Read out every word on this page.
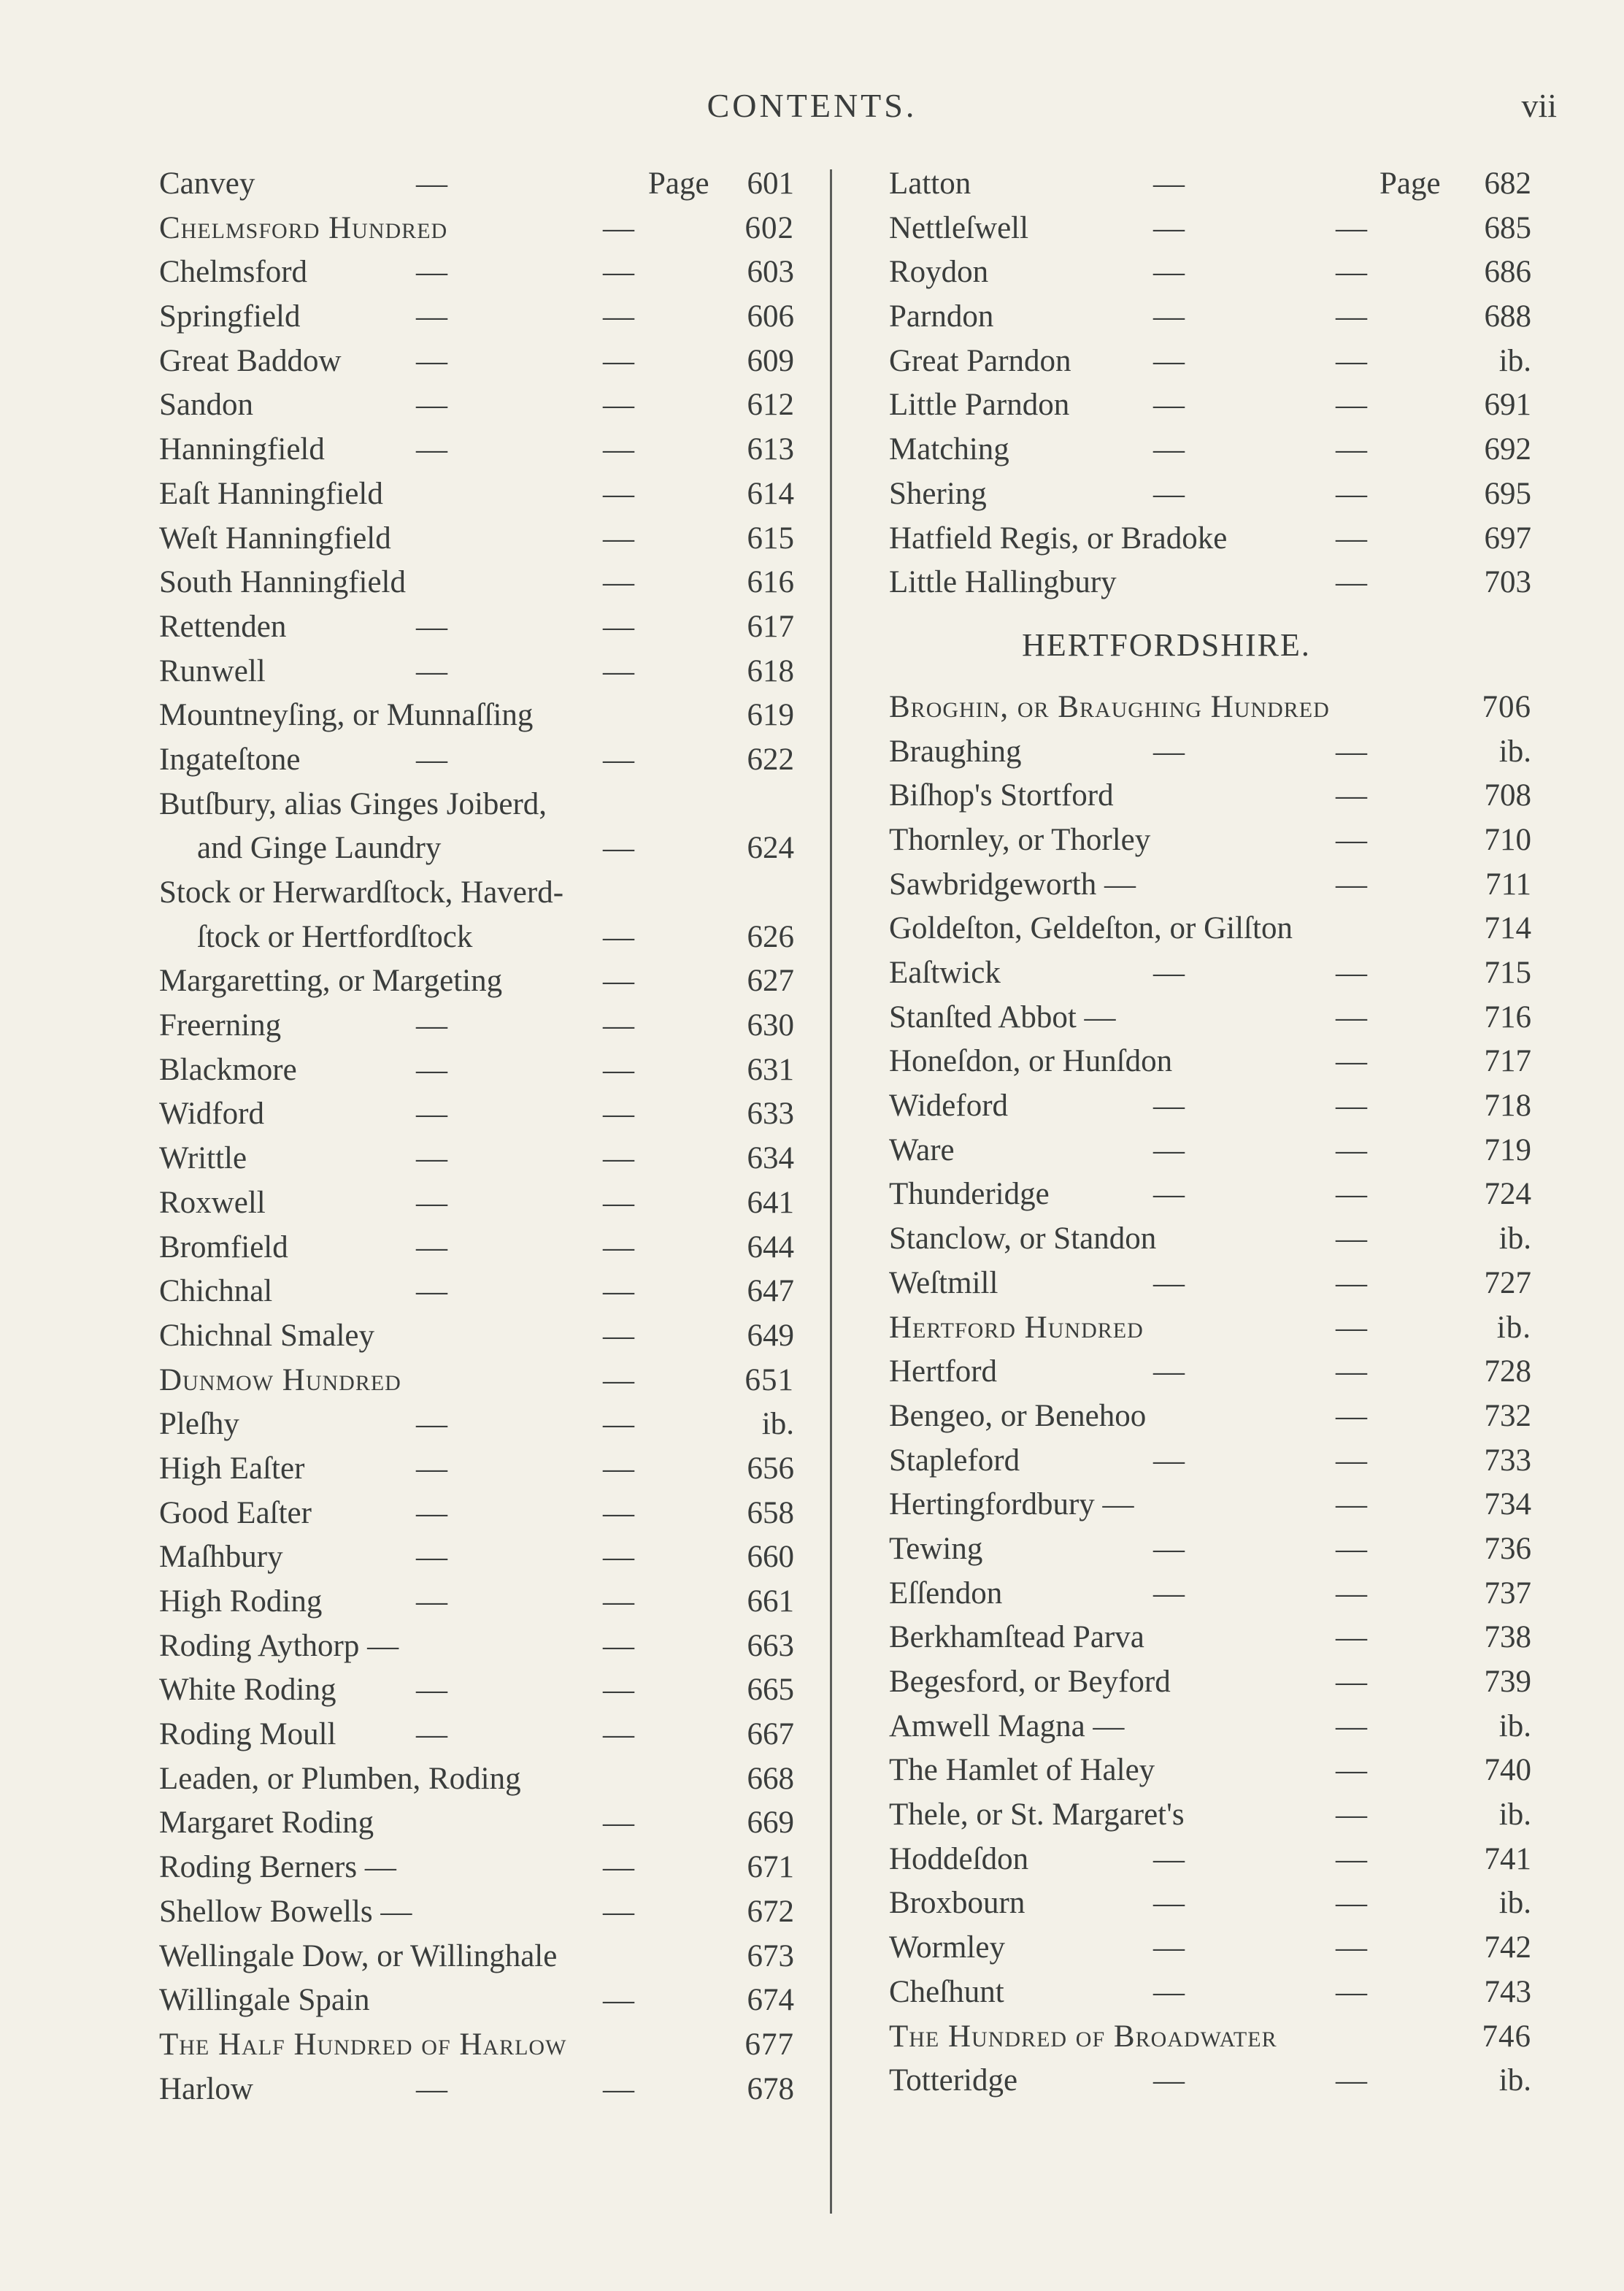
CONTENTS.	vii
Canvey	—	Page 601
Chelmsford Hundred	—	602
Chelmsford	—	—	603
Springfield	—	—	606
Great Baddow —	—	609
Sandon	—	—	612
Hanningfield	—	—	613
Eaſt Hanningfield	—	614
Weſt Hanningfield	—	615
South Hanningfield	—	616
Rettenden	—	—	617
Runwell	—	—	618
Mountneyſing, or Munnaſſing	619
Ingateſtone	—	—	622
Butſbury, alias Ginges Joiberd,
and Ginge Laundry	—	624
Stock or Herwardſtock, Haverd-
ſtock or Hertfordſtock	—	626
Margaretting, or Margeting	—	627
Freerning	—	—	630
Blackmore	—	—	631
Widford	—	—	633
Writtle	—	—	634
Roxwell	—	—	641
Bromfield	—	—	644
Chichnal	—	—	647
Chichnal Smaley	—	649
Dunmow Hundred	—	651
Pleſhy	—	—	ib.
High Eaſter	—	—	656
Good Eaſter	—	—	658
Maſhbury	—	—	660
High Roding	—	—	661
Roding Aythorp —	—	663
White Roding	—	—	665
Roding Moull	—	—	667
Leaden, or Plumben, Roding	668
Margaret Roding	—	669
Roding Berners —	—	671
Shellow Bowells —	—	672
Wellingale Dow, or Willinghale	673
Willingale Spain	—	674
The Half Hundred of Harlow	677
Harlow	—	—	678
Latton	—	Page 682
Nettleſwell	—	—	685
Roydon	—	—	686
Parndon	—	—	688
Great Parndon	—	—	ib.
Little Parndon	—	—	691
Matching	—	—	692
Shering	—	—	695
Hatfield Regis, or Bradoke	—	697
Little Hallingbury	—	703
HERTFORDSHIRE.
Broghin, or Braughing Hundred	706
Braughing	—	—	ib.
Biſhop's Stortford	—	708
Thornley, or Thorley	—	710
Sawbridgeworth —	—	711
Goldeſton, Geldeſton, or Gilſton	714
Eaſtwick	—	—	715
Stanſted Abbot —	—	716
Honeſdon, or Hunſdon	—	717
Wideford	—	—	718
Ware	—	—	719
Thunderidge	—	—	724
Stanclow, or Standon	—	ib.
Weſtmill	—	—	727
Hertford Hundred	—	ib.
Hertford	—	—	728
Bengeo, or Benehoo	—	732
Stapleford	—	—	733
Hertingfordbury —	—	734
Tewing	—	—	736
Eſſendon	—	—	737
Berkhamſtead Parva	—	738
Begesford, or Beyford	—	739
Amwell Magna —	—	ib.
The Hamlet of Haley	—	740
Thele, or St. Margaret's	—	ib.
Hoddeſdon	—	—	741
Broxbourn	—	—	ib.
Wormley	—	—	742
Cheſhunt	—	—	743
The Hundred of Broadwater	746
Totteridge	—	—	ib.
